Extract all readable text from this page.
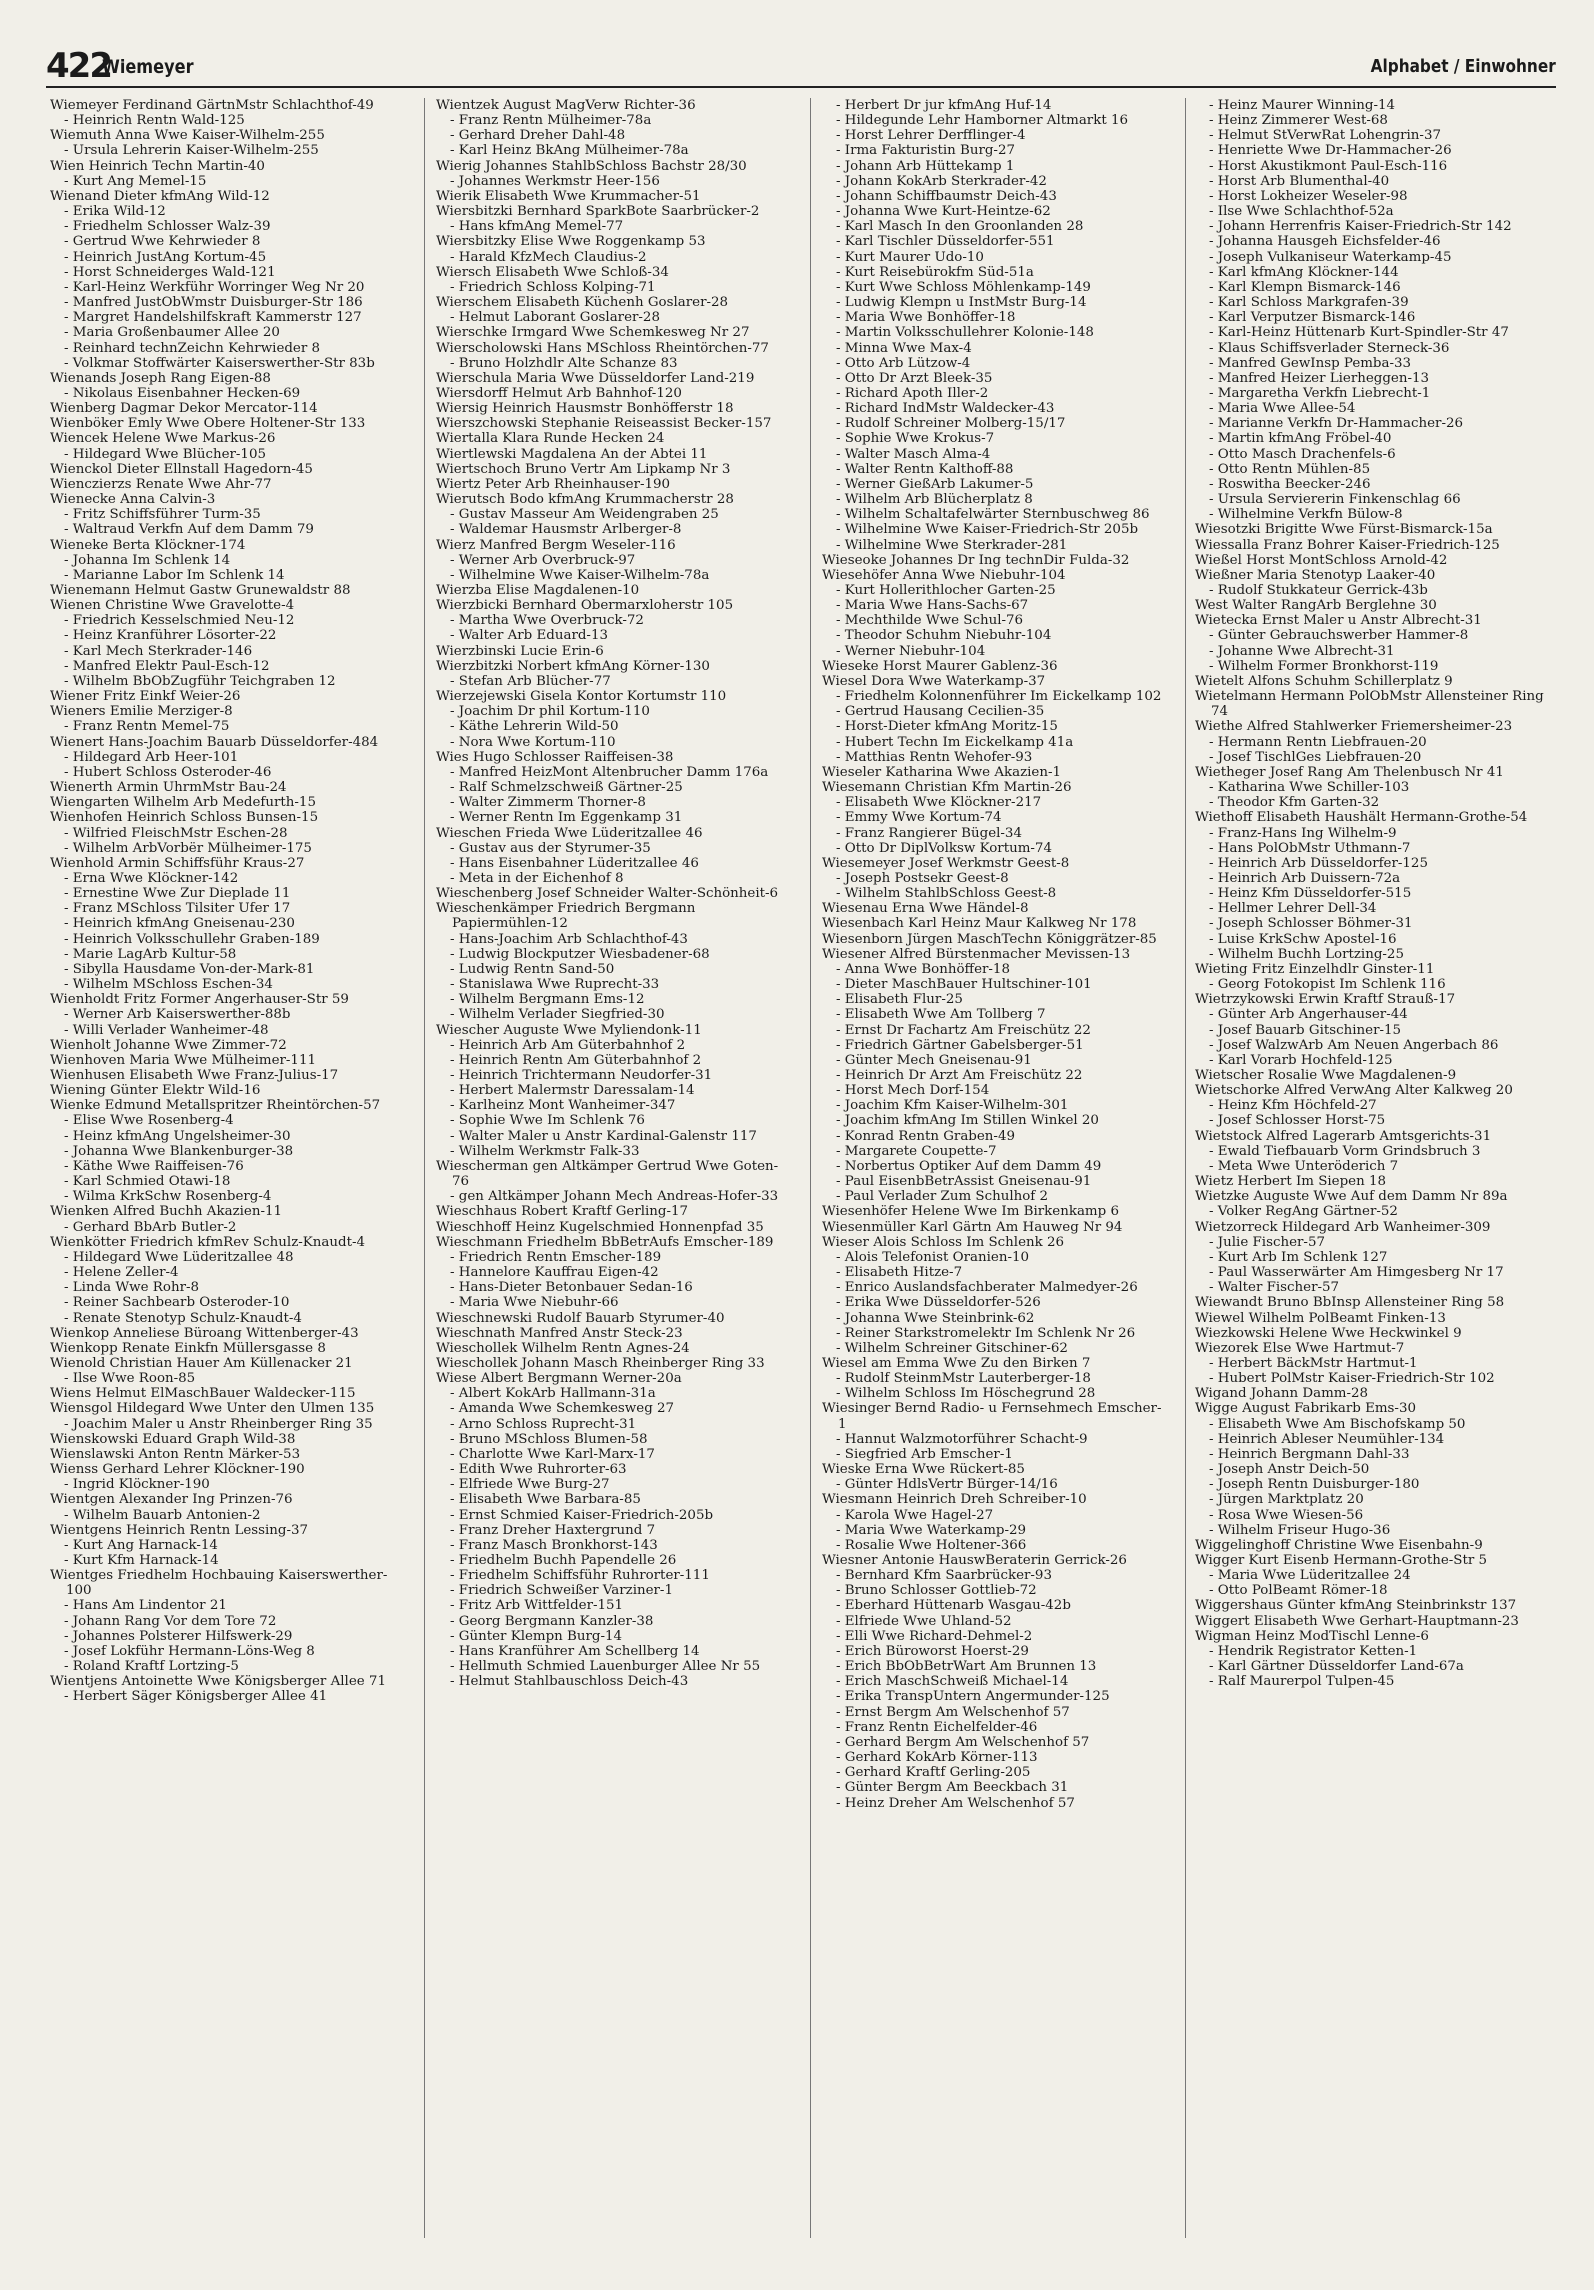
422
Wiemeyer	Alphabet / Einwohner
Wiemeyer Ferdinand GärtnMstr Schlachthof-49
- Heinrich Rentn Wald-125
Wiemuth Anna Wwe Kaiser-Wilhelm-255
- Ursula Lehrerin Kaiser-Wilhelm-255
Wien Heinrich Techn Martin-40
- Kurt Ang Memel-15
Wienand Dieter kfmAng Wild-12
- Erika Wild-12
- Friedhelm Schlosser Walz-39
- Gertrud Wwe Kehrwieder 8
- Heinrich JustAng Kortum-45
- Horst Schneiderges Wald-121
- Karl-Heinz Werkführ Worringer Weg Nr 20
- Manfred JustObWmstr Duisburger-Str 186
- Margret Handelshilfskraft Kammerstr 127
- Maria Großenbaumer Allee 20
- Reinhard technZeichn Kehrwieder 8
- Volkmar Stoffwärter Kaiserswerther-Str 83b
Wienands Joseph Rang Eigen-88
- Nikolaus Eisenbahner Hecken-69
Wienberg Dagmar Dekor Mercator-114
Wienböker Emly Wwe Obere Holtener-Str 133
Wiencek Helene Wwe Markus-26
- Hildegard Wwe Blücher-105
Wienckol Dieter Ellnstall Hagedorn-45
Wienczierzs Renate Wwe Ahr-77
Wienecke Anna Calvin-3
- Fritz Schiffsführer Turm-35
- Waltraud Verkfn Auf dem Damm 79
Wieneke Berta Klöckner-174
- Johanna Im Schlenk 14
- Marianne Labor Im Schlenk 14
Wienemann Helmut Gastw Grunewaldstr 88
Wienen Christine Wwe Gravelotte-4
- Friedrich Kesselschmied Neu-12
- Heinz Kranführer Lösorter-22
- Karl Mech Sterkrader-146
- Manfred Elektr Paul-Esch-12
- Wilhelm BbObZugführ Teichgraben 12
Wiener Fritz Einkf Weier-26
Wieners Emilie Merziger-8
- Franz Rentn Memel-75
Wienert Hans-Joachim Bauarb Düsseldorfer-484
- Hildegard Arb Heer-101
- Hubert Schloss Osteroder-46
Wienerth Armin UhrmMstr Bau-24
Wiengarten Wilhelm Arb Medefurth-15
Wienhofen Heinrich Schloss Bunsen-15
- Wilfried FleischMstr Eschen-28
- Wilhelm ArbVorbër Mülheimer-175
Wienhold Armin Schiffsführ Kraus-27
- Erna Wwe Klöckner-142
- Ernestine Wwe Zur Dieplade 11
- Franz MSchloss Tilsiter Ufer 17
- Heinrich kfmAng Gneisenau-230
- Heinrich Volksschullehr Graben-189
- Marie LagArb Kultur-58
- Sibylla Hausdame Von-der-Mark-81
- Wilhelm MSchloss Eschen-34
Wienholdt Fritz Former Angerhauser-Str 59
- Werner Arb Kaiserswerther-88b
- Willi Verlader Wanheimer-48
Wienholt Johanne Wwe Zimmer-72
Wienhoven Maria Wwe Mülheimer-111
Wienhusen Elisabeth Wwe Franz-Julius-17
Wiening Günter Elektr Wild-16
Wienke Edmund Metallspritzer Rheintörchen-57
- Elise Wwe Rosenberg-4
- Heinz kfmAng Ungelsheimer-30
- Johanna Wwe Blankenburger-38
- Käthe Wwe Raiffeisen-76
- Karl Schmied Otawi-18
- Wilma KrkSchw Rosenberg-4
Wienken Alfred Buchh Akazien-11
- Gerhard BbArb Butler-2
Wienkötter Friedrich kfmRev Schulz-Knaudt-4
- Hildegard Wwe Lüderitzallee 48
- Helene Zeller-4
- Linda Wwe Rohr-8
- Reiner Sachbearb Osteroder-10
- Renate Stenotyp Schulz-Knaudt-4
Wienkop Anneliese Büroang Wittenberger-43
Wienkopp Renate Einkfn Müllersgasse 8
Wienold Christian Hauer Am Küllenacker 21
- Ilse Wwe Roon-85
Wiens Helmut ElMaschBauer Waldecker-115
Wiensgol Hildegard Wwe Unter den Ulmen 135
- Joachim Maler u Anstr Rheinberger Ring 35
Wienskowski Eduard Graph Wild-38
Wienslawski Anton Rentn Märker-53
Wienss Gerhard Lehrer Klöckner-190
- Ingrid Klöckner-190
Wientgen Alexander Ing Prinzen-76
- Wilhelm Bauarb Antonien-2
Wientgens Heinrich Rentn Lessing-37
- Kurt Ang Harnack-14
- Kurt Kfm Harnack-14
Wientges Friedhelm Hochbauing Kaiserswerther-100
- Hans Am Lindentor 21
- Johann Rang Vor dem Tore 72
- Johannes Polsterer Hilfswerk-29
- Josef Lokführ Hermann-Löns-Weg 8
- Roland Kraftf Lortzing-5
Wientjens Antoinette Wwe Königsberger Allee 71
- Herbert Säger Königsberger Allee 41
Wientzek August MagVerw Richter-36
- Franz Rentn Mülheimer-78a
- Gerhard Dreher Dahl-48
- Karl Heinz BkAng Mülheimer-78a
Wierig Johannes StahlbSchloss Bachstr 28/30
- Johannes Werkmstr Heer-156
Wierik Elisabeth Wwe Krummacher-51
Wiersbitzki Bernhard SparkBote Saarbrücker-2
- Hans kfmAng Memel-77
Wiersbitzky Elise Wwe Roggenkamp 53
- Harald KfzMech Claudius-2
Wiersch Elisabeth Wwe Schloß-34
- Friedrich Schloss Kolping-71
Wierschem Elisabeth Küchenh Goslarer-28
- Helmut Laborant Goslarer-28
Wierschke Irmgard Wwe Schemkesweg Nr 27
Wierscholowski Hans MSchloss Rheintörchen-77
- Bruno Holzhdlr Alte Schanze 83
Wierschula Maria Wwe Düsseldorfer Land-219
Wiersdorff Helmut Arb Bahnhof-120
Wiersig Heinrich Hausmstr Bonhöfferstr 18
Wierszchowski Stephanie Reiseassist Becker-157
Wiertalla Klara Runde Hecken 24
Wiertlewski Magdalena An der Abtei 11
Wiertschoch Bruno Vertr Am Lipkamp Nr 3
Wiertz Peter Arb Rheinhauser-190
Wierutsch Bodo kfmAng Krummacherstr 28
- Gustav Masseur Am Weidengraben 25
- Waldemar Hausmstr Arlberger-8
Wierz Manfred Bergm Weseler-116
- Werner Arb Overbruck-97
- Wilhelmine Wwe Kaiser-Wilhelm-78a
Wierzba Elise Magdalenen-10
Wierzbicki Bernhard Obermarxloherstr 105
- Martha Wwe Overbruck-72
- Walter Arb Eduard-13
Wierzbinski Lucie Erin-6
Wierzbitzki Norbert kfmAng Körner-130
- Stefan Arb Blücher-77
Wierzejewski Gisela Kontor Kortumstr 110
- Joachim Dr phil Kortum-110
- Käthe Lehrerin Wild-50
- Nora Wwe Kortum-110
Wies Hugo Schlosser Raiffeisen-38
- Manfred HeizMont Altenbrucher Damm 176a
- Ralf Schmelzschweiß Gärtner-25
- Walter Zimmerm Thorner-8
- Werner Rentn Im Eggenkamp 31
Wieschen Frieda Wwe Lüderitzallee 46
- Gustav aus der Styrumer-35
- Hans Eisenbahner Lüderitzallee 46
- Meta in der Eichenhof 8
Wieschenberg Josef Schneider Walter-Schönheit-6
Wieschenkämper Friedrich Bergmann Papiermühlen-12
- Hans-Joachim Arb Schlachthof-43
- Ludwig Blockputzer Wiesbadener-68
- Ludwig Rentn Sand-50
- Stanislawa Wwe Ruprecht-33
- Wilhelm Bergmann Ems-12
- Wilhelm Verlader Siegfried-30
Wiescher Auguste Wwe Myliendonk-11
- Heinrich Arb Am Güterbahnhof 2
- Heinrich Rentn Am Güterbahnhof 2
- Heinrich Trichtermann Neudorfer-31
- Herbert Malermstr Daressalam-14
- Karlheinz Mont Wanheimer-347
- Sophie Wwe Im Schlenk 76
- Walter Maler u Anstr Kardinal-Galenstr 117
- Wilhelm Werkmstr Falk-33
Wiescherman gen Altkämper Gertrud Wwe Goten-76
- gen Altkämper Johann Mech Andreas-Hofer-33
Wieschhaus Robert Kraftf Gerling-17
Wieschhoff Heinz Kugelschmied Honnenpfad 35
Wieschmann Friedhelm BbBetrAufs Emscher-189
- Friedrich Rentn Emscher-189
- Hannelore Kauffrau Eigen-42
- Hans-Dieter Betonbauer Sedan-16
- Maria Wwe Niebuhr-66
Wieschnewski Rudolf Bauarb Styrumer-40
Wieschnath Manfred Anstr Steck-23
Wieschollek Wilhelm Rentn Agnes-24
Wieschollek Johann Masch Rheinberger Ring 33
Wiese Albert Bergmann Werner-20a
- Albert KokArb Hallmann-31a
- Amanda Wwe Schemkesweg 27
- Arno Schloss Ruprecht-31
- Bruno MSchloss Blumen-58
- Charlotte Wwe Karl-Marx-17
- Edith Wwe Ruhrorter-63
- Elfriede Wwe Burg-27
- Elisabeth Wwe Barbara-85
- Ernst Schmied Kaiser-Friedrich-205b
- Franz Dreher Haxtergrund 7
- Franz Masch Bronkhorst-143
- Friedhelm Buchh Papendelle 26
- Friedhelm Schiffsführ Ruhrorter-111
- Friedrich Schweißer Varziner-1
- Fritz Arb Wittfelder-151
- Georg Bergmann Kanzler-38
- Günter Klempn Burg-14
- Hans Kranführer Am Schellberg 14
- Hellmuth Schmied Lauenburger Allee Nr 55
- Helmut Stahlbauschloss Deich-43
- Herbert Dr jur kfmAng Huf-14
- Hildegunde Lehr Hamborner Altmarkt 16
- Horst Lehrer Derfflinger-4
- Irma Fakturistin Burg-27
- Johann Arb Hüttekamp 1
- Johann KokArb Sterkrader-42
- Johann Schiffbaumstr Deich-43
- Johanna Wwe Kurt-Heintze-62
- Karl Masch In den Groonlanden 28
- Karl Tischler Düsseldorfer-551
- Kurt Maurer Udo-10
- Kurt Reisebürokfm Süd-51a
- Kurt Wwe Schloss Möhlenkamp-149
- Ludwig Klempn u InstMstr Burg-14
- Maria Wwe Bonhöffer-18
- Martin Volksschullehrer Kolonie-148
- Minna Wwe Max-4
- Otto Arb Lützow-4
- Otto Dr Arzt Bleek-35
- Richard Apoth Iller-2
- Richard IndMstr Waldecker-43
- Rudolf Schreiner Molberg-15/17
- Sophie Wwe Krokus-7
- Walter Masch Alma-4
- Walter Rentn Kalthoff-88
- Werner GießArb Lakumer-5
- Wilhelm Arb Blücherplatz 8
- Wilhelm Schaltafelwärter Sternbuschweg 86
- Wilhelmine Wwe Kaiser-Friedrich-Str 205b
- Wilhelmine Wwe Sterkrader-281
Wieseoke Johannes Dr Ing technDir Fulda-32
Wiesehöfer Anna Wwe Niebuhr-104
- Kurt Hollerithlocher Garten-25
- Maria Wwe Hans-Sachs-67
- Mechthilde Wwe Schul-76
- Theodor Schuhm Niebuhr-104
- Werner Niebuhr-104
Wieseke Horst Maurer Gablenz-36
Wiesel Dora Wwe Waterkamp-37
- Friedhelm Kolonnenführer Im Eickelkamp 102
- Gertrud Hausang Cecilien-35
- Horst-Dieter kfmAng Moritz-15
- Hubert Techn Im Eickelkamp 41a
- Matthias Rentn Wehofer-93
Wieseler Katharina Wwe Akazien-1
Wiesemann Christian Kfm Martin-26
- Elisabeth Wwe Klöckner-217
- Emmy Wwe Kortum-74
- Franz Rangierer Bügel-34
- Otto Dr DiplVolksw Kortum-74
Wiesemeyer Josef Werkmstr Geest-8
- Joseph Postsekr Geest-8
- Wilhelm StahlbSchloss Geest-8
Wiesenau Erna Wwe Händel-8
Wiesenbach Karl Heinz Maur Kalkweg Nr 178
Wiesenborn Jürgen MaschTechn Königgrätzer-85
Wiesener Alfred Bürstenmacher Mevissen-13
- Anna Wwe Bonhöffer-18
- Dieter MaschBauer Hultschiner-101
- Elisabeth Flur-25
- Elisabeth Wwe Am Tollberg 7
- Ernst Dr Fachartz Am Freischütz 22
- Friedrich Gärtner Gabelsberger-51
- Günter Mech Gneisenau-91
- Heinrich Dr Arzt Am Freischütz 22
- Horst Mech Dorf-154
- Joachim Kfm Kaiser-Wilhelm-301
- Joachim kfmAng Im Stillen Winkel 20
- Konrad Rentn Graben-49
- Margarete Coupette-7
- Norbertus Optiker Auf dem Damm 49
- Paul EisenbBetrAssist Gneisenau-91
- Paul Verlader Zum Schulhof 2
Wiesenhöfer Helene Wwe Im Birkenkamp 6
Wiesenmüller Karl Gärtn Am Hauweg Nr 94
Wieser Alois Schloss Im Schlenk 26
- Alois Telefonist Oranien-10
- Elisabeth Hitze-7
- Enrico Auslandsfachberater Malmedyer-26
- Erika Wwe Düsseldorfer-526
- Johanna Wwe Steinbrink-62
- Reiner Starkstromelektr Im Schlenk Nr 26
- Wilhelm Schreiner Gitschiner-62
Wiesel am Emma Wwe Zu den Birken 7
- Rudolf SteinmMstr Lauterberger-18
- Wilhelm Schloss Im Höschegrund 28
Wiesinger Bernd Radio- u Fernsehmech Emscher-1
- Hannut Walzmotorführer Schacht-9
- Siegfried Arb Emscher-1
Wieske Erna Wwe Rückert-85
- Günter HdlsVertr Bürger-14/16
Wiesmann Heinrich Dreh Schreiber-10
- Karola Wwe Hagel-27
- Maria Wwe Waterkamp-29
- Rosalie Wwe Holtener-366
Wiesner Antonie HauswBeraterin Gerrick-26
- Bernhard Kfm Saarbrücker-93
- Bruno Schlosser Gottlieb-72
- Eberhard Hüttenarb Wasgau-42b
- Elfriede Wwe Uhland-52
- Elli Wwe Richard-Dehmel-2
- Erich Büroworst Hoerst-29
- Erich BbObBetrWart Am Brunnen 13
- Erich MaschSchweiß Michael-14
- Erika TranspUntern Angermunder-125
- Ernst Bergm Am Welschenhof 57
- Franz Rentn Eichelfelder-46
- Gerhard Bergm Am Welschenhof 57
- Gerhard KokArb Körner-113
- Gerhard Kraftf Gerling-205
- Günter Bergm Am Beeckbach 31
- Heinz Dreher Am Welschenhof 57
- Heinz Maurer Winning-14
- Heinz Zimmerer West-68
- Helmut StVerwRat Lohengrin-37
- Henriette Wwe Dr-Hammacher-26
- Horst Akustikmont Paul-Esch-116
- Horst Arb Blumenthal-40
- Horst Lokheizer Weseler-98
- Ilse Wwe Schlachthof-52a
- Johann Herrenfris Kaiser-Friedrich-Str 142
- Johanna Hausgeh Eichsfelder-46
- Joseph Vulkaniseur Waterkamp-45
- Karl kfmAng Klöckner-144
- Karl Klempn Bismarck-146
- Karl Schloss Markgrafen-39
- Karl Verputzer Bismarck-146
- Karl-Heinz Hüttenarb Kurt-Spindler-Str 47
- Klaus Schiffsverlader Sterneck-36
- Manfred GewInsp Pemba-33
- Manfred Heizer Lierheggen-13
- Margaretha Verkfn Liebrecht-1
- Maria Wwe Allee-54
- Marianne Verkfn Dr-Hammacher-26
- Martin kfmAng Fröbel-40
- Otto Masch Drachenfels-6
- Otto Rentn Mühlen-85
- Roswitha Beecker-246
- Ursula Serviererin Finkenschlag 66
- Wilhelmine Verkfn Bülow-8
Wiesotzki Brigitte Wwe Fürst-Bismarck-15a
Wiessalla Franz Bohrer Kaiser-Friedrich-125
Wießel Horst MontSchloss Arnold-42
Wießner Maria Stenotyp Laaker-40
- Rudolf Stukkateur Gerrick-43b
West Walter RangArb Berglehne 30
Wietecka Ernst Maler u Anstr Albrecht-31
- Günter Gebrauchswerber Hammer-8
- Johanne Wwe Albrecht-31
- Wilhelm Former Bronkhorst-119
Wietelt Alfons Schuhm Schillerplatz 9
Wietelmann Hermann PolObMstr Allensteiner Ring 74
Wiethe Alfred Stahlwerker Friemersheimer-23
- Hermann Rentn Liebfrauen-20
- Josef TischlGes Liebfrauen-20
Wietheger Josef Rang Am Thelenbusch Nr 41
- Katharina Wwe Schiller-103
- Theodor Kfm Garten-32
Wiethoff Elisabeth Haushält Hermann-Grothe-54
- Franz-Hans Ing Wilhelm-9
- Hans PolObMstr Uthmann-7
- Heinrich Arb Düsseldorfer-125
- Heinrich Arb Duissern-72a
- Heinz Kfm Düsseldorfer-515
- Hellmer Lehrer Dell-34
- Joseph Schlosser Böhmer-31
- Luise KrkSchw Apostel-16
- Wilhelm Buchh Lortzing-25
Wieting Fritz Einzelhdlr Ginster-11
- Georg Fotokopist Im Schlenk 116
Wietrzykowski Erwin Kraftf Strauß-17
- Günter Arb Angerhauser-44
- Josef Bauarb Gitschiner-15
- Josef WalzwArb Am Neuen Angerbach 86
- Karl Vorarb Hochfeld-125
Wietscher Rosalie Wwe Magdalenen-9
Wietschorke Alfred VerwAng Alter Kalkweg 20
- Heinz Kfm Höchfeld-27
- Josef Schlosser Horst-75
Wietstock Alfred Lagerarb Amtsgerichts-31
- Ewald Tiefbauarb Vorm Grindsbruch 3
- Meta Wwe Unteröderich 7
Wietz Herbert Im Siepen 18
Wietzke Auguste Wwe Auf dem Damm Nr 89a
- Volker RegAng Gärtner-52
Wietzorreck Hildegard Arb Wanheimer-309
- Julie Fischer-57
- Kurt Arb Im Schlenk 127
- Paul Wasserwärter Am Himgesberg Nr 17
- Walter Fischer-57
Wiewandt Bruno BbInsp Allensteiner Ring 58
Wiewel Wilhelm PolBeamt Finken-13
Wiezkowski Helene Wwe Heckwinkel 9
Wiezorek Else Wwe Hartmut-7
- Herbert BäckMstr Hartmut-1
- Hubert PolMstr Kaiser-Friedrich-Str 102
Wigand Johann Damm-28
Wigge August Fabrikarb Ems-30
- Elisabeth Wwe Am Bischofskamp 50
- Heinrich Ableser Neumühler-134
- Heinrich Bergmann Dahl-33
- Joseph Anstr Deich-50
- Joseph Rentn Duisburger-180
- Jürgen Marktplatz 20
- Rosa Wwe Wiesen-56
- Wilhelm Friseur Hugo-36
Wiggelinghoff Christine Wwe Eisenbahn-9
Wigger Kurt Eisenb Hermann-Grothe-Str 5
- Maria Wwe Lüderitzallee 24
- Otto PolBeamt Römer-18
Wiggershaus Günter kfmAng Steinbrinkstr 137
Wiggert Elisabeth Wwe Gerhart-Hauptmann-23
Wigman Heinz ModTischl Lenne-6
- Hendrik Registrator Ketten-1
- Karl Gärtner Düsseldorfer Land-67a
- Ralf Maurerpol Tulpen-45
